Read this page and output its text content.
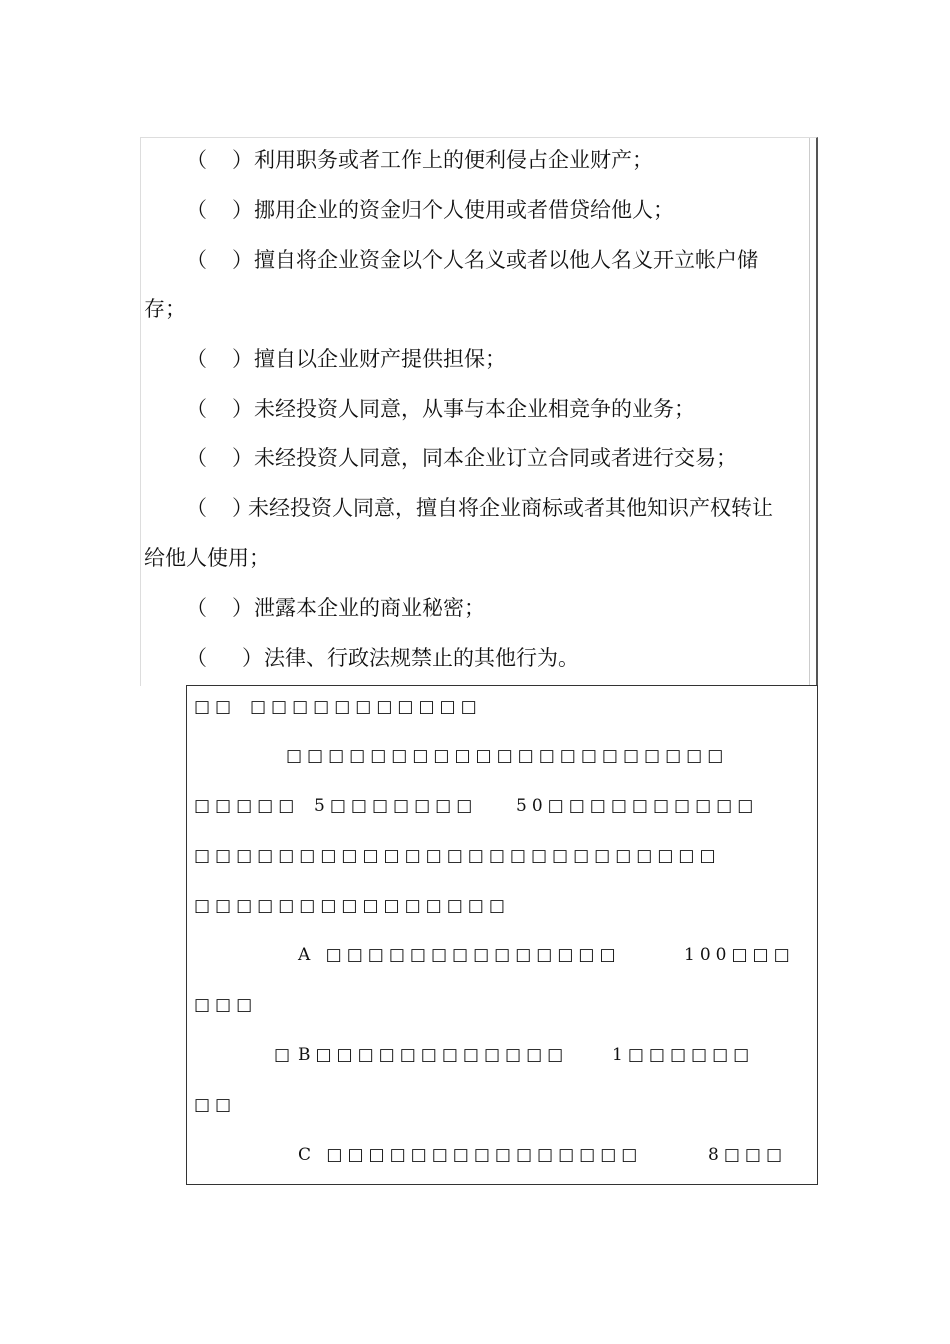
（ ）利用职务或者工作上的便利侵占企业财产；
（ ）挪用企业的资金归个人使用或者借贷给他人；
（ ）擅自将企业资金以个人名义或者以他人名义开立帐户储
存；
（ ）擅自以企业财产提供担保；
（ ）未经投资人同意，从事与本企业相竞争的业务；
（ ）未经投资人同意，同本企业订立合同或者进行交易；
（ ）未经投资人同意，擅自将企业商标或者其他知识产权转让
给他人使用；
（ ）泄露本企业的商业秘密；
（ ）法律、行政法规禁止的其他行为。
□□ □□□□□□□□□□□
□□□□□□□□□□□□□□□□□□□□□
□□□□□ 5□□□□□□□ 50□□□□□□□□□□
□□□□□□□□□□□□□□□□□□□□□□□□□
□□□□□□□□□□□□□□□
A □□□□□□□□□□□□□□	100□□□
□□□
□ B□□□□□□□□□□□□	1□□□□□□
□□
C □□□□□□□□□□□□□□□	8□□□
